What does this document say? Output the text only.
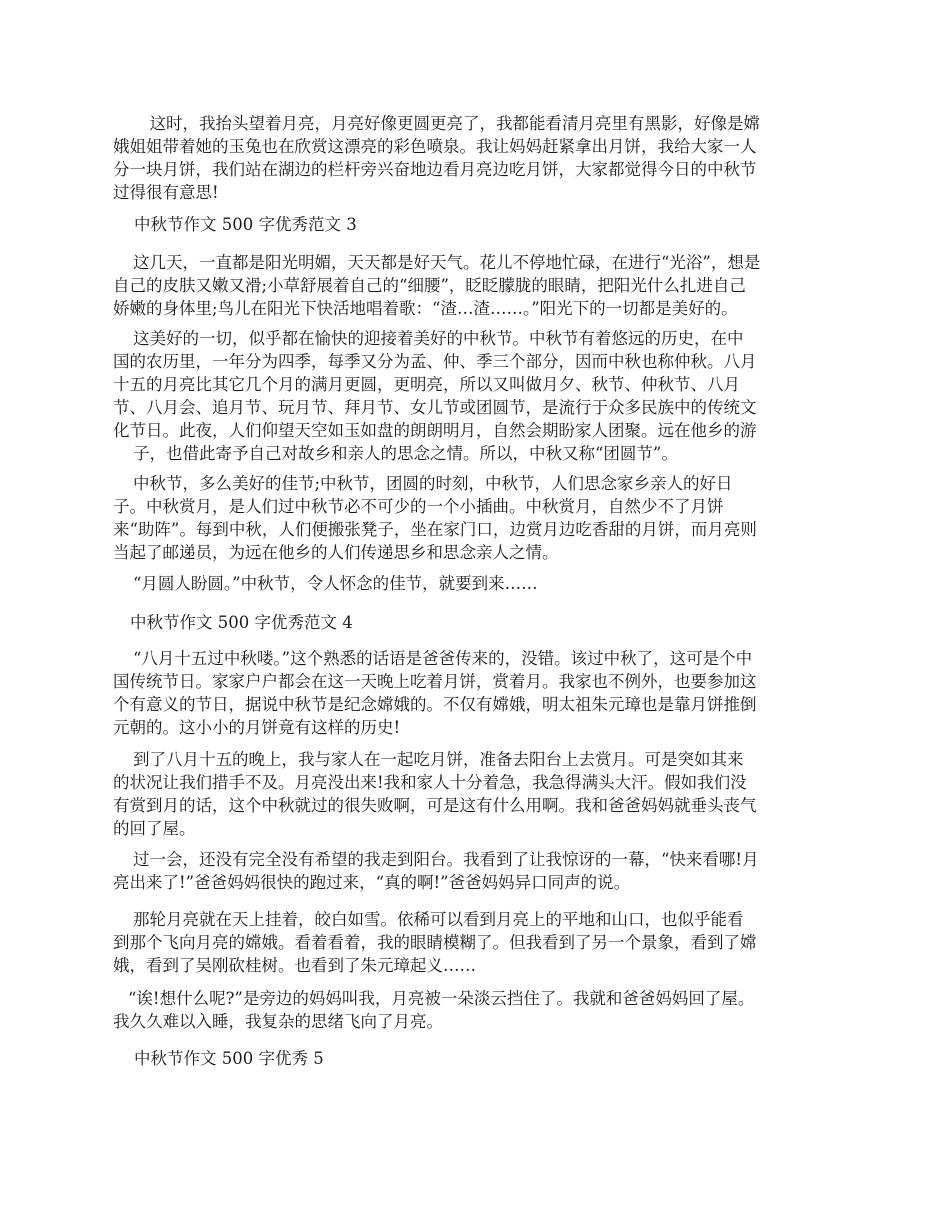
　这时，我抬头望着月亮，月亮好像更圆更亮了，我都能看清月亮里有黑影，好像是嫦
娥姐姐带着她的玉兔也在欣赏这漂亮的彩色喷泉。我让妈妈赶紧拿出月饼，我给大家一人
分一块月饼，我们站在湖边的栏杆旁兴奋地边看月亮边吃月饼，大家都觉得今日的中秋节
过得很有意思!
中秋节作文 500 字优秀范文 3
这几天，一直都是阳光明媚，天天都是好天气。花儿不停地忙碌，在进行“光浴”，想是
自己的皮肤又嫩又滑;小草舒展着自己的“细腰”，眨眨朦胧的眼睛，把阳光什么扎进自己
娇嫩的身体里;鸟儿在阳光下快活地唱着歌：“渣…渣……。”阳光下的一切都是美好的。
这美好的一切，似乎都在愉快的迎接着美好的中秋节。中秋节有着悠远的历史，在中
国的农历里，一年分为四季，每季又分为孟、仲、季三个部分，因而中秋也称仲秋。八月
十五的月亮比其它几个月的满月更圆，更明亮，所以又叫做月夕、秋节、仲秋节、八月
节、八月会、追月节、玩月节、拜月节、女儿节或团圆节，是流行于众多民族中的传统文
化节日。此夜，人们仰望天空如玉如盘的朗朗明月，自然会期盼家人团聚。远在他乡的游
子，也借此寄予自己对故乡和亲人的思念之情。所以，中秋又称“团圆节”。
中秋节，多么美好的佳节;中秋节，团圆的时刻，中秋节，人们思念家乡亲人的好日
子。中秋赏月，是人们过中秋节必不可少的一个小插曲。中秋赏月，自然少不了月饼
来“助阵”。每到中秋，人们便搬张凳子，坐在家门口，边赏月边吃香甜的月饼，而月亮则
当起了邮递员，为远在他乡的人们传递思乡和思念亲人之情。
“月圆人盼圆。”中秋节，令人怀念的佳节，就要到来……
中秋节作文 500 字优秀范文 4
“八月十五过中秋喽。”这个熟悉的话语是爸爸传来的，没错。该过中秋了，这可是个中
国传统节日。家家户户都会在这一天晚上吃着月饼，赏着月。我家也不例外，也要参加这
个有意义的节日，据说中秋节是纪念嫦娥的。不仅有嫦娥，明太祖朱元璋也是靠月饼推倒
元朝的。这小小的月饼竟有这样的历史!
到了八月十五的晚上，我与家人在一起吃月饼，准备去阳台上去赏月。可是突如其来
的状况让我们措手不及。月亮没出来!我和家人十分着急，我急得满头大汗。假如我们没
有赏到月的话，这个中秋就过的很失败啊，可是这有什么用啊。我和爸爸妈妈就垂头丧气
的回了屋。
过一会，还没有完全没有希望的我走到阳台。我看到了让我惊讶的一幕，“快来看哪!月
亮出来了!”爸爸妈妈很快的跑过来，“真的啊!”爸爸妈妈异口同声的说。
那轮月亮就在天上挂着，皎白如雪。依稀可以看到月亮上的平地和山口，也似乎能看
到那个飞向月亮的嫦娥。看着看着，我的眼睛模糊了。但我看到了另一个景象，看到了嫦
娥，看到了吴刚砍桂树。也看到了朱元璋起义……
“诶!想什么呢?”是旁边的妈妈叫我，月亮被一朵淡云挡住了。我就和爸爸妈妈回了屋。
我久久难以入睡，我复杂的思绪飞向了月亮。
中秋节作文 500 字优秀 5
